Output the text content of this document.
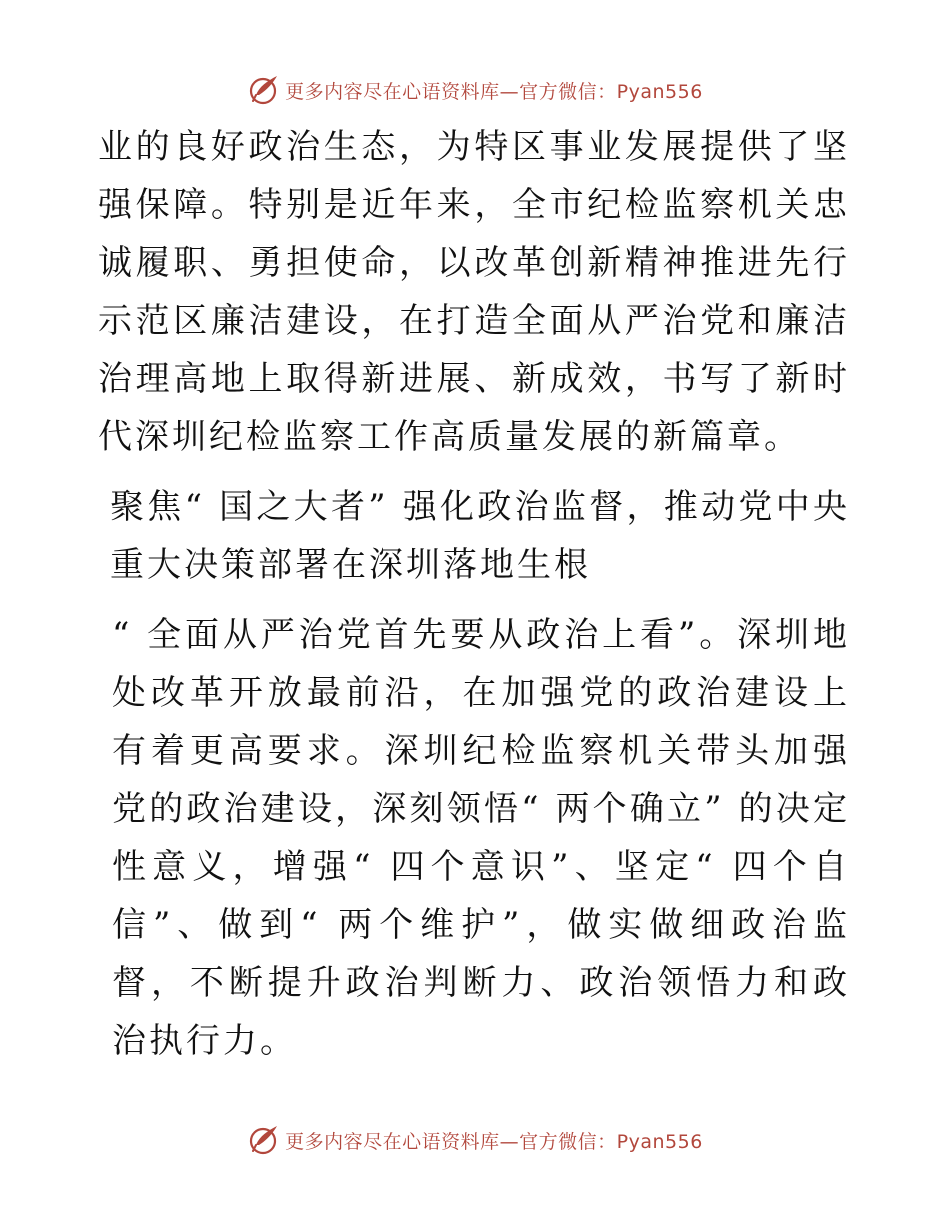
更多内容尽在心语资料库—官方微信：Pyan556

业的良好政治生态，为特区事业发展提供了坚强保障。特别是近年来，全市纪检监察机关忠诚履职、勇担使命，以改革创新精神推进先行示范区廉洁建设，在打造全面从严治党和廉洁治理高地上取得新进展、新成效，书写了新时代深圳纪检监察工作高质量发展的新篇章。

聚焦“ 国之大者” 强化政治监督，推动党中央重大决策部署在深圳落地生根

“ 全面从严治党首先要从政治上看”。深圳地处改革开放最前沿，在加强党的政治建设上有着更高要求。深圳纪检监察机关带头加强党的政治建设，深刻领悟“ 两个确立” 的决定性意义，增强“ 四个意识”、坚定“ 四个自信”、做到“ 两个维护”，做实做细政治监督，不断提升政治判断力、政治领悟力和政治执行力。

更多内容尽在心语资料库—官方微信：Pyan556
